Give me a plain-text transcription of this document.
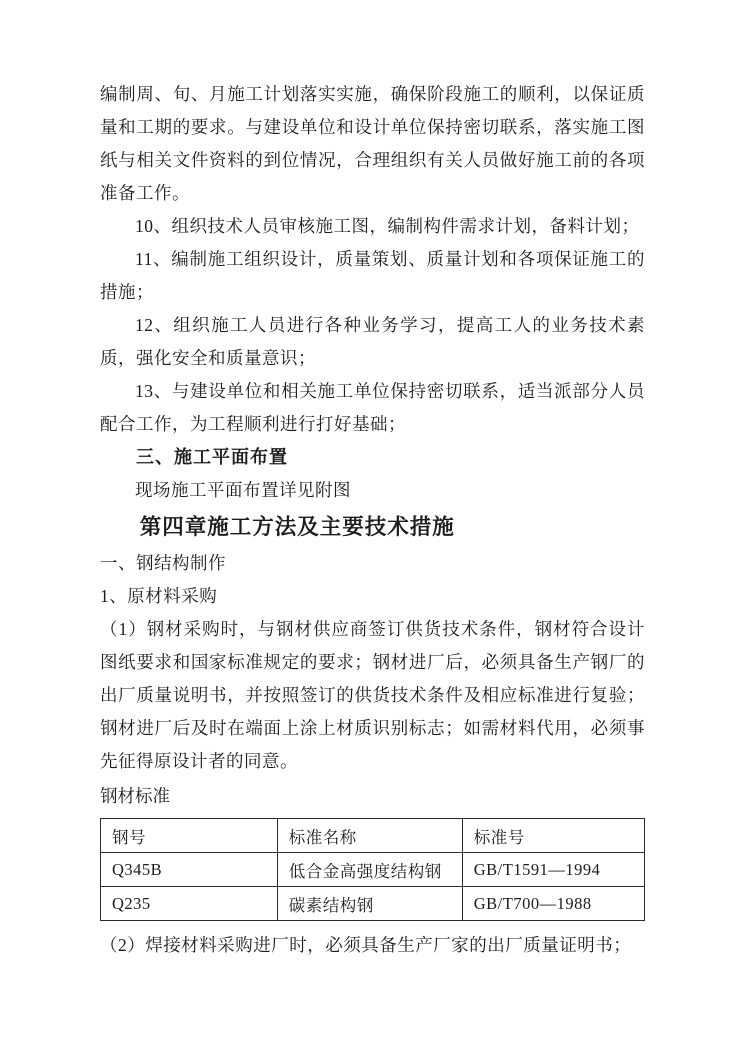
编制周、旬、月施工计划落实实施，确保阶段施工的顺利，以保证质量和工期的要求。与建设单位和设计单位保持密切联系，落实施工图纸与相关文件资料的到位情况，合理组织有关人员做好施工前的各项准备工作。

10、组织技术人员审核施工图，编制构件需求计划，备料计划；

11、编制施工组织设计，质量策划、质量计划和各项保证施工的措施；

12、组织施工人员进行各种业务学习，提高工人的业务技术素质，强化安全和质量意识；

13、与建设单位和相关施工单位保持密切联系，适当派部分人员配合工作，为工程顺利进行打好基础；

三、施工平面布置

现场施工平面布置详见附图

第四章施工方法及主要技术措施

一、钢结构制作

1、原材料采购

（1）钢材采购时，与钢材供应商签订供货技术条件，钢材符合设计图纸要求和国家标准规定的要求；钢材进厂后，必须具备生产钢厂的出厂质量说明书，并按照签订的供货技术条件及相应标准进行复验；钢材进厂后及时在端面上涂上材质识别标志；如需材料代用，必须事先征得原设计者的同意。

钢材标准

钢号	标准名称	标准号
Q345B	低合金高强度结构钢	GB/T1591—1994
Q235	碳素结构钢	GB/T700—1988

（2）焊接材料采购进厂时，必须具备生产厂家的出厂质量证明书；
